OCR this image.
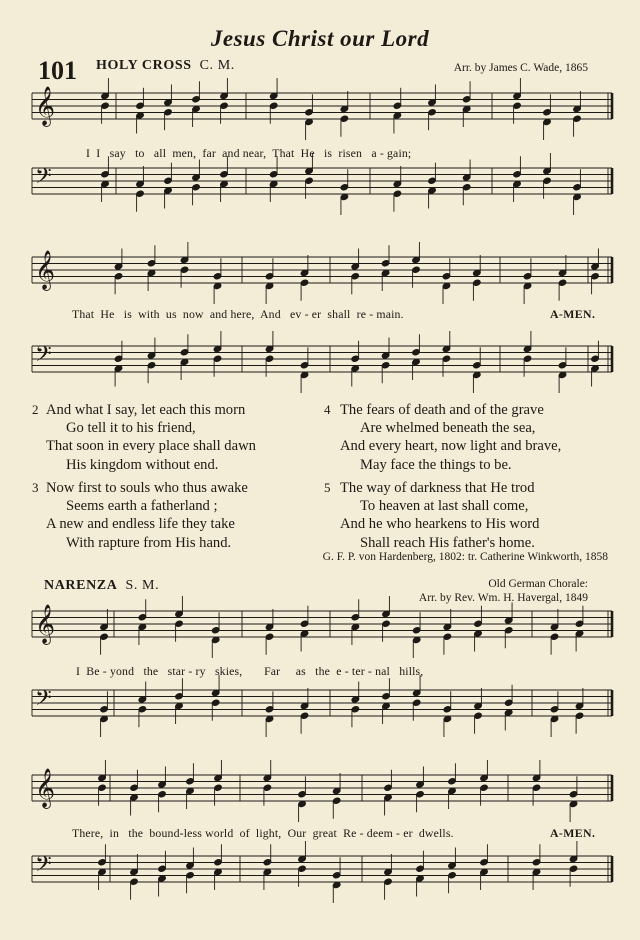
Jesus Christ our Lord
101 HOLY CROSS C. M.	Arr. by James C. Wade, 1865
𝄞
𝄢
𝄞
𝄢
𝄞
𝄢
𝄞
𝄢
I  I   say   to   all  men,  far  and near,  That  He   is  risen   a - gain;
That  He   is  with  us  now  and here,  And   ev - er  shall  re - main.	A-MEN.
2 And what I say, let each this morn
Go tell it to his friend,
That soon in every place shall dawn
His kingdom without end.
3 Now first to souls who thus awake
Seems earth a fatherland ;
A new and endless life they take
With rapture from His hand.
4 The fears of death and of the grave
Are whelmed beneath the sea,
And every heart, now light and brave,
May face the things to be.
5 The way of darkness that He trod
To heaven at last shall come,
And he who hearkens to His word
Shall reach His father's home.
G. F. P. von Hardenberg, 1802: tr. Catherine Winkworth, 1858
NARENZA S. M.	Old German Chorale:
Arr. by Rev. Wm. H. Havergal, 1849
I  Be - yond   the   star - ry   skies,       Far     as   the  e - ter - nal   hills,
There,  in   the  bound-less world  of  light,  Our  great  Re - deem - er  dwells.	A-MEN.
